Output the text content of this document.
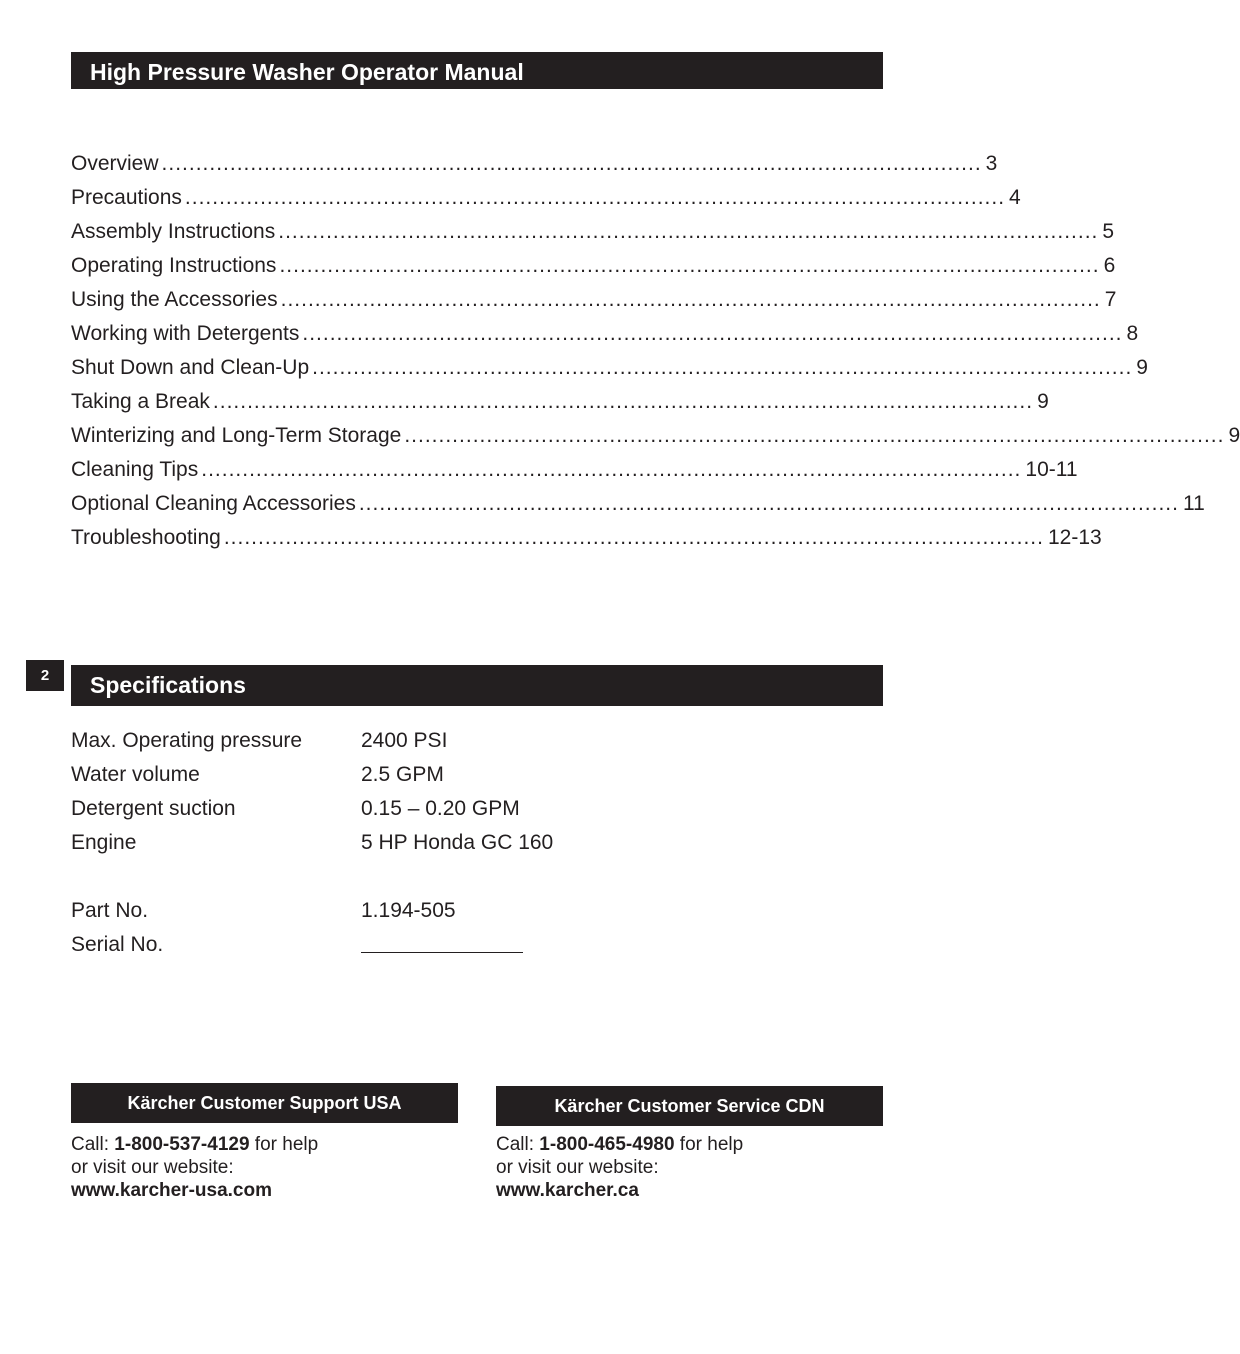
High Pressure Washer Operator Manual
Overview ........................................................................................................................ 3
Precautions ........................................................................................................................ 4
Assembly Instructions ........................................................................................................................ 5
Operating Instructions ........................................................................................................................ 6
Using the Accessories ........................................................................................................................ 7
Working with Detergents ........................................................................................................................ 8
Shut Down and Clean-Up ........................................................................................................................ 9
Taking a Break ........................................................................................................................ 9
Winterizing and Long-Term Storage ........................................................................................................................ 9
Cleaning Tips ........................................................................................................................ 10-11
Optional Cleaning Accessories ........................................................................................................................ 11
Troubleshooting ........................................................................................................................ 12-13
2	Specifications
Max. Operating pressure	2400 PSI
Water volume	2.5 GPM
Detergent suction	0.15 – 0.20 GPM
Engine	5 HP Honda GC 160
Part No.	1.194-505
Serial No.
Kärcher Customer Support USA
Call: 1-800-537-4129 for help
or visit our website:
www.karcher-usa.com
Kärcher Customer Service CDN
Call: 1-800-465-4980 for help
or visit our website:
www.karcher.ca
